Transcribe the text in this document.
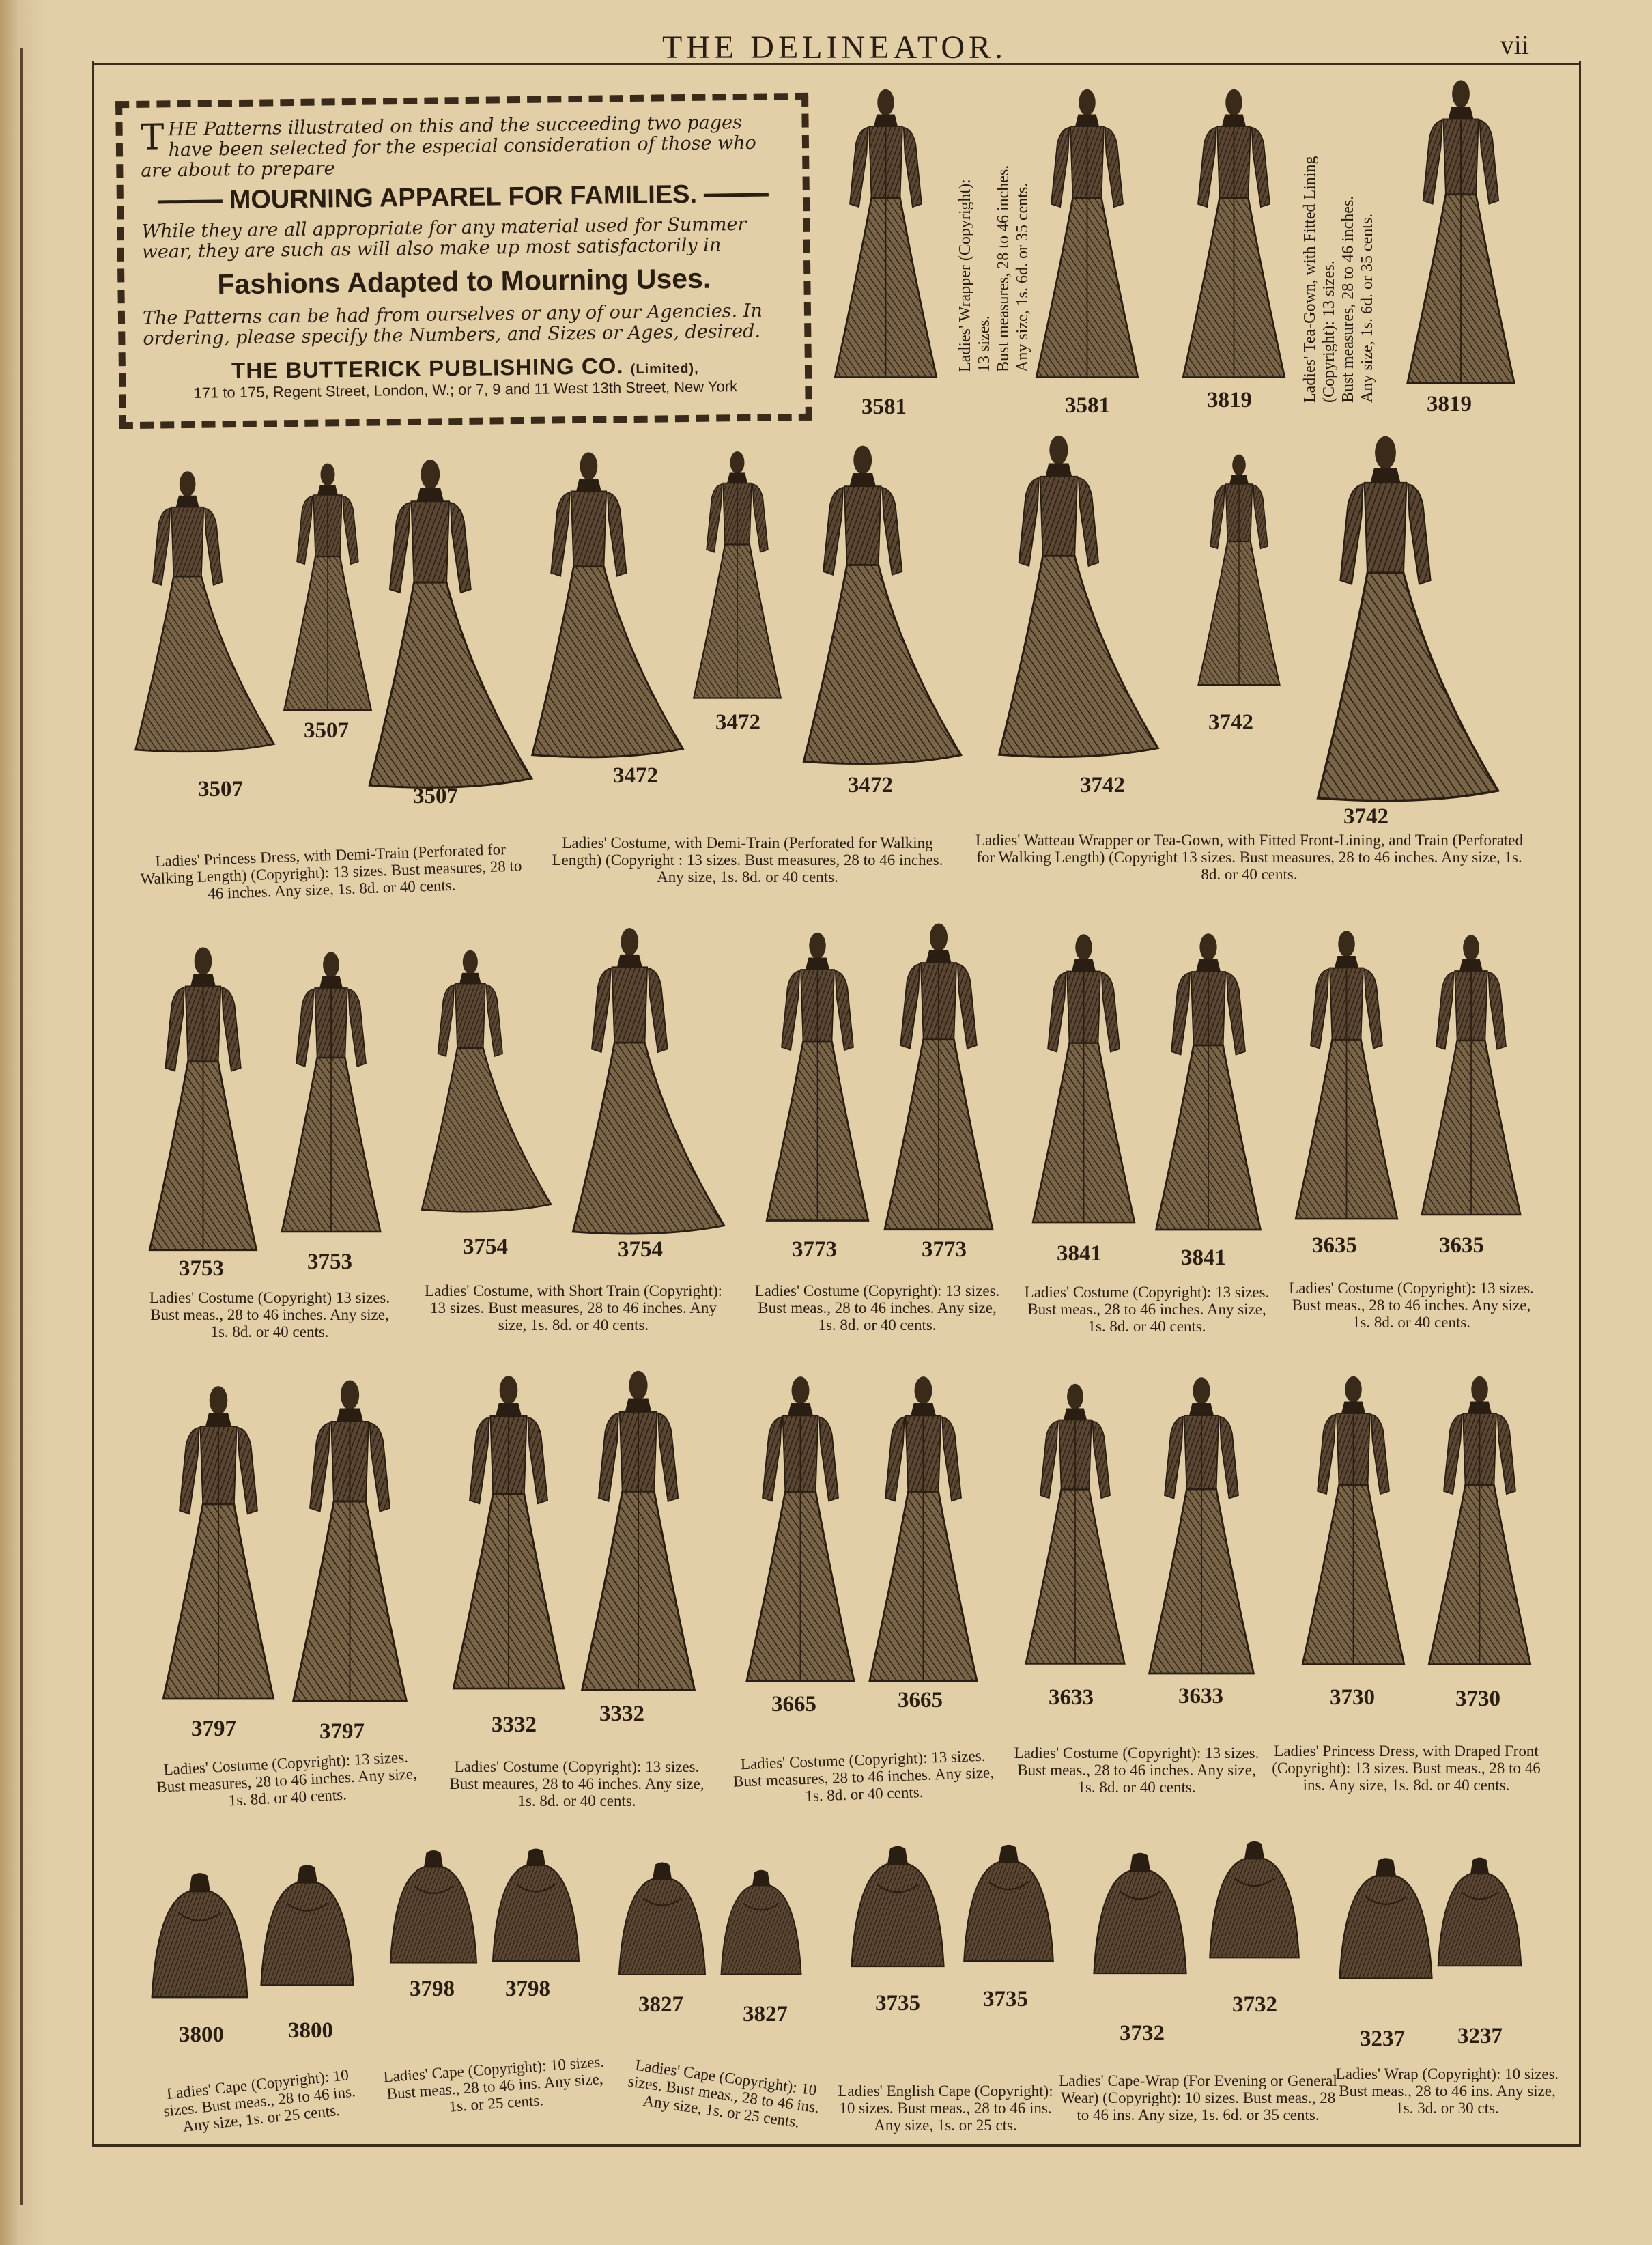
THE DELINEATOR.	vii

THE Patterns illustrated on this and the succeeding two pages have been selected for the especial consideration of those who are about to prepare

MOURNING APPAREL FOR FAMILIES.

While they are all appropriate for any material used for Summer wear, they are such as will also make up most satisfactorily in

Fashions Adapted to Mourning Uses.

The Patterns can be had from ourselves or any of our Agencies. In ordering, please specify the Numbers, and Sizes or Ages, desired.

THE BUTTERICK PUBLISHING CO. (Limited),

171 to 175, Regent Street, London, W.; or 7, 9 and 11 West 13th Street, New York

3581	3581	3819	3819
Ladies' Wrapper (Copyright): 13 sizes. Bust measures, 28 to 46 inches. Any size, 1s. 6d. or 35 cents.	Ladies' Tea-Gown, with Fitted Lining (Copyright): 13 sizes. Bust measures, 28 to 46 inches. Any size, 1s. 6d. or 35 cents.
3507
3507
3507
3472
3472
3472	3742
3742
3742
Ladies' Princess Dress, with Demi-Train (Perforated for Walking Length) (Copyright): 13 sizes. Bust measures, 28 to 46 inches. Any size, 1s. 8d. or 40 cents.
Ladies' Costume, with Demi-Train (Perforated for Walking Length) (Copyright : 13 sizes. Bust measures, 28 to 46 inches. Any size, 1s. 8d. or 40 cents.
Ladies' Watteau Wrapper or Tea-Gown, with Fitted Front-Lining, and Train (Perforated for Walking Length) (Copyright 13 sizes. Bust measures, 28 to 46 inches. Any size, 1s. 8d. or 40 cents.
3753	3753
3754	3754	3773	3773	3841	3841	3635	3635
Ladies' Costume (Copyright) 13 sizes. Bust meas., 28 to 46 inches. Any size, 1s. 8d. or 40 cents.
Ladies' Costume, with Short Train (Copyright): 13 sizes. Bust measures, 28 to 46 inches. Any size, 1s. 8d. or 40 cents.
Ladies' Costume (Copyright): 13 sizes. Bust meas., 28 to 46 inches. Any size, 1s. 8d. or 40 cents.
Ladies' Costume (Copyright): 13 sizes. Bust meas., 28 to 46 inches. Any size, 1s. 8d. or 40 cents.
Ladies' Costume (Copyright): 13 sizes. Bust meas., 28 to 46 inches. Any size, 1s. 8d. or 40 cents.
3797	3797	3332	3332	3665	3665	3633	3633	3730	3730
Ladies' Costume (Copyright): 13 sizes. Bust measures, 28 to 46 inches. Any size, 1s. 8d. or 40 cents.
Ladies' Costume (Copyright): 13 sizes. Bust meaures, 28 to 46 inches. Any size, 1s. 8d. or 40 cents.
Ladies' Costume (Copyright): 13 sizes. Bust measures, 28 to 46 inches. Any size, 1s. 8d. or 40 cents.
Ladies' Costume (Copyright): 13 sizes. Bust meas., 28 to 46 inches. Any size, 1s. 8d. or 40 cents.
Ladies' Princess Dress, with Draped Front (Copyright): 13 sizes. Bust meas., 28 to 46 ins. Any size, 1s. 8d. or 40 cents.
3800	3800
3798 3798
3827	3827	3735	3735
3732
3732
3237 3237
Ladies' Cape (Copyright): 10 sizes. Bust meas., 28 to 46 ins. Any size, 1s. or 25 cents.
Ladies' Cape (Copyright): 10 sizes. Bust meas., 28 to 46 ins. Any size, 1s. or 25 cents.
Ladies' Cape (Copyright): 10 sizes. Bust meas., 28 to 46 ins. Any size, 1s. or 25 cents.
Ladies' English Cape (Copyright): 10 sizes. Bust meas., 28 to 46 ins. Any size, 1s. or 25 cts.
Ladies' Cape-Wrap (For Evening or General Wear) (Copyright): 10 sizes. Bust meas., 28 to 46 ins. Any size, 1s. 6d. or 35 cents.
Ladies' Wrap (Copyright): 10 sizes. Bust meas., 28 to 46 ins. Any size, 1s. 3d. or 30 cts.
